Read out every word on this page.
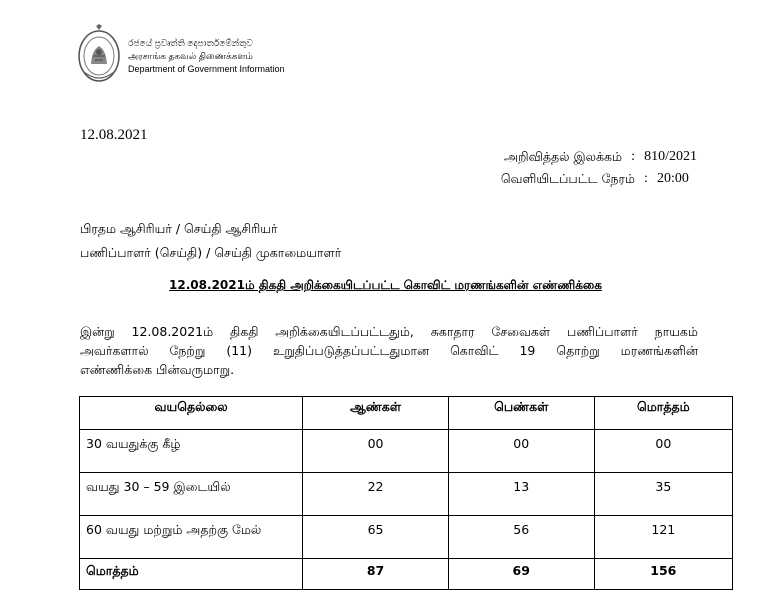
රජයේ ප්‍රවෘත්ති දෙපාර්තමේන්තුව
அரசாங்க தகவல் திணைக்களம்
Department of Government Information
12.08.2021
அறிவித்தல் இலக்கம் : 810/2021
வெளியிடப்பட்ட நேரம் : 20:00
பிரதம ஆசிரியர் / செய்தி ஆசிரியர்
பணிப்பாளர் (செய்தி) / செய்தி முகாமையாளர்
12.08.2021ம் திகதி அறிக்கையிடப்பட்ட கொவிட் மரணங்களின் எண்ணிக்கை
இன்று 12.08.2021ம் திகதி அறிக்கையிடப்பட்டதும், சுகாதார சேவைகள் பணிப்பாளர் நாயகம்
அவர்களால் நேற்று (11) உறுதிப்படுத்தப்பட்டதுமான கொவிட் 19 தொற்று மரணங்களின்
எண்ணிக்கை பின்வருமாறு.
வயதெல்லை	ஆண்கள்	பெண்கள்	மொத்தம்
30 வயதுக்கு கீழ்	00	00	00
வயது 30 – 59 இடையில்	22	13	35
60 வயது மற்றும் அதற்கு மேல்	65	56	121
மொத்தம்	87	69	156
